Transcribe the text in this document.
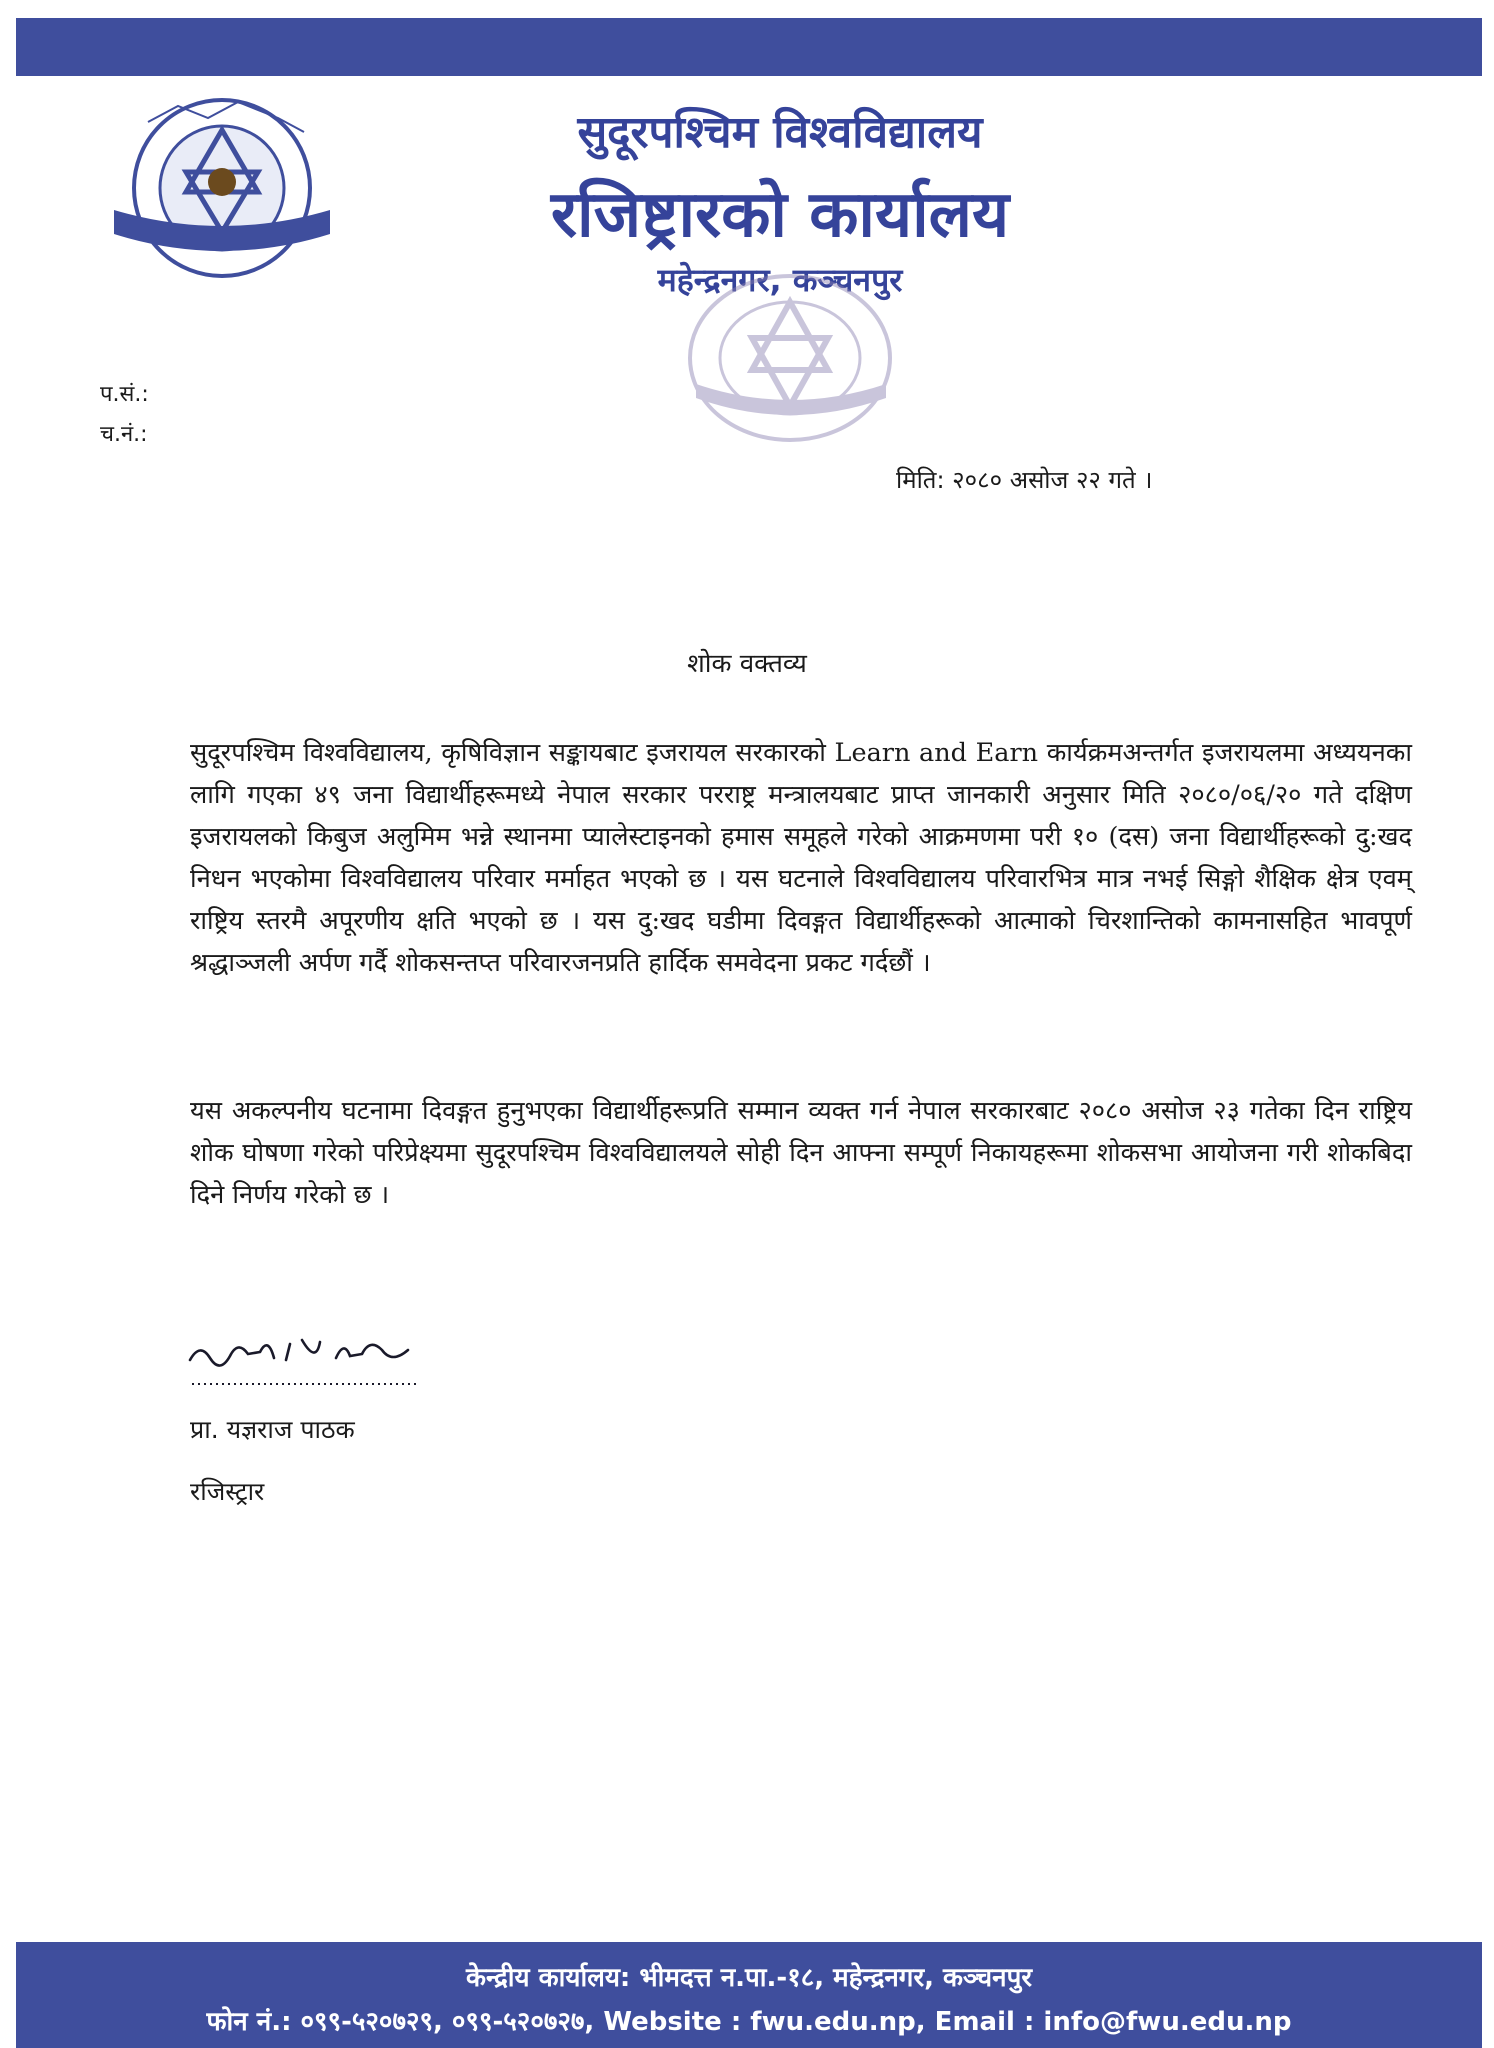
सुदूरपश्चिम विश्वविद्यालय
रजिष्ट्रारको कार्यालय
महेन्द्रनगर, कञ्चनपुर
प.सं.:
च.नं.:
मिति: २०८० असोज २२ गते ।
शोक वक्तव्य

सुदूरपश्चिम विश्वविद्यालय, कृषिविज्ञान सङ्कायबाट इजरायल सरकारको Learn and Earn कार्यक्रमअन्तर्गत इजरायलमा अध्ययनका लागि गएका ४९ जना विद्यार्थीहरूमध्ये नेपाल सरकार परराष्ट्र मन्त्रालयबाट प्राप्त जानकारी अनुसार मिति २०८०/०६/२० गते दक्षिण इजरायलको किबुज अलुमिम भन्ने स्थानमा प्यालेस्टाइनको हमास समूहले गरेको आक्रमणमा परी १० (दस) जना विद्यार्थीहरूको दु:खद निधन भएकोमा विश्वविद्यालय परिवार मर्माहत भएको छ । यस घटनाले विश्वविद्यालय परिवारभित्र मात्र नभई सिङ्गो शैक्षिक क्षेत्र एवम् राष्ट्रिय स्तरमै अपूरणीय क्षति भएको छ । यस दु:खद घडीमा दिवङ्गत विद्यार्थीहरूको आत्माको चिरशान्तिको कामनासहित भावपूर्ण श्रद्धाञ्जली अर्पण गर्दै शोकसन्तप्त परिवारजनप्रति हार्दिक समवेदना प्रकट गर्दछौं ।

यस अकल्पनीय घटनामा दिवङ्गत हुनुभएका विद्यार्थीहरूप्रति सम्मान व्यक्त गर्न नेपाल सरकारबाट २०८० असोज २३ गतेका दिन राष्ट्रिय शोक घोषणा गरेको परिप्रेक्ष्यमा सुदूरपश्चिम विश्वविद्यालयले सोही दिन आफ्ना सम्पूर्ण निकायहरूमा शोकसभा आयोजना गरी शोकबिदा दिने निर्णय गरेको छ ।

प्रा. यज्ञराज पाठक
रजिस्ट्रार
केन्द्रीय कार्यालय: भीमदत्त न.पा.-१८, महेन्द्रनगर, कञ्चनपुर
फोन नं.: ०९९-५२०७२९, ०९९-५२०७२७, Website : fwu.edu.np, Email : info@fwu.edu.np
